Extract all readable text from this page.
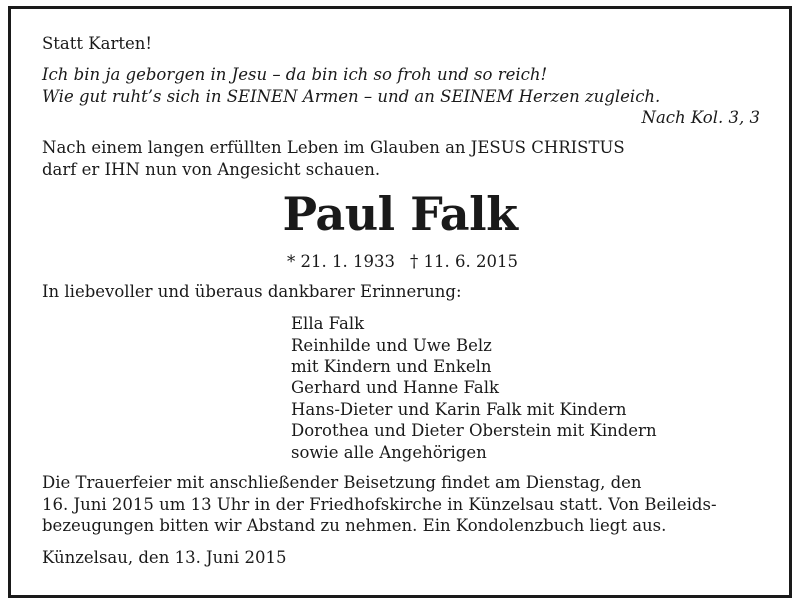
Statt Karten!
Ich bin ja geborgen in Jesu – da bin ich so froh und so reich!
Wie gut ruht’s sich in SEINEN Armen – und an SEINEM Herzen zugleich.
Nach Kol. 3, 3
Nach einem langen erfüllten Leben im Glauben an JESUS CHRISTUS
darf er IHN nun von Angesicht schauen.
Paul Falk
* 21. 1. 1933 † 11. 6. 2015
In liebevoller und überaus dankbarer Erinnerung:
Ella Falk
Reinhilde und Uwe Belz
mit Kindern und Enkeln
Gerhard und Hanne Falk
Hans-Dieter und Karin Falk mit Kindern
Dorothea und Dieter Oberstein mit Kindern
sowie alle Angehörigen
Die Trauerfeier mit anschließender Beisetzung findet am Dienstag, den
16. Juni 2015 um 13 Uhr in der Friedhofskirche in Künzelsau statt. Von Beileids-
bezeugungen bitten wir Abstand zu nehmen. Ein Kondolenzbuch liegt aus.
Künzelsau, den 13. Juni 2015
